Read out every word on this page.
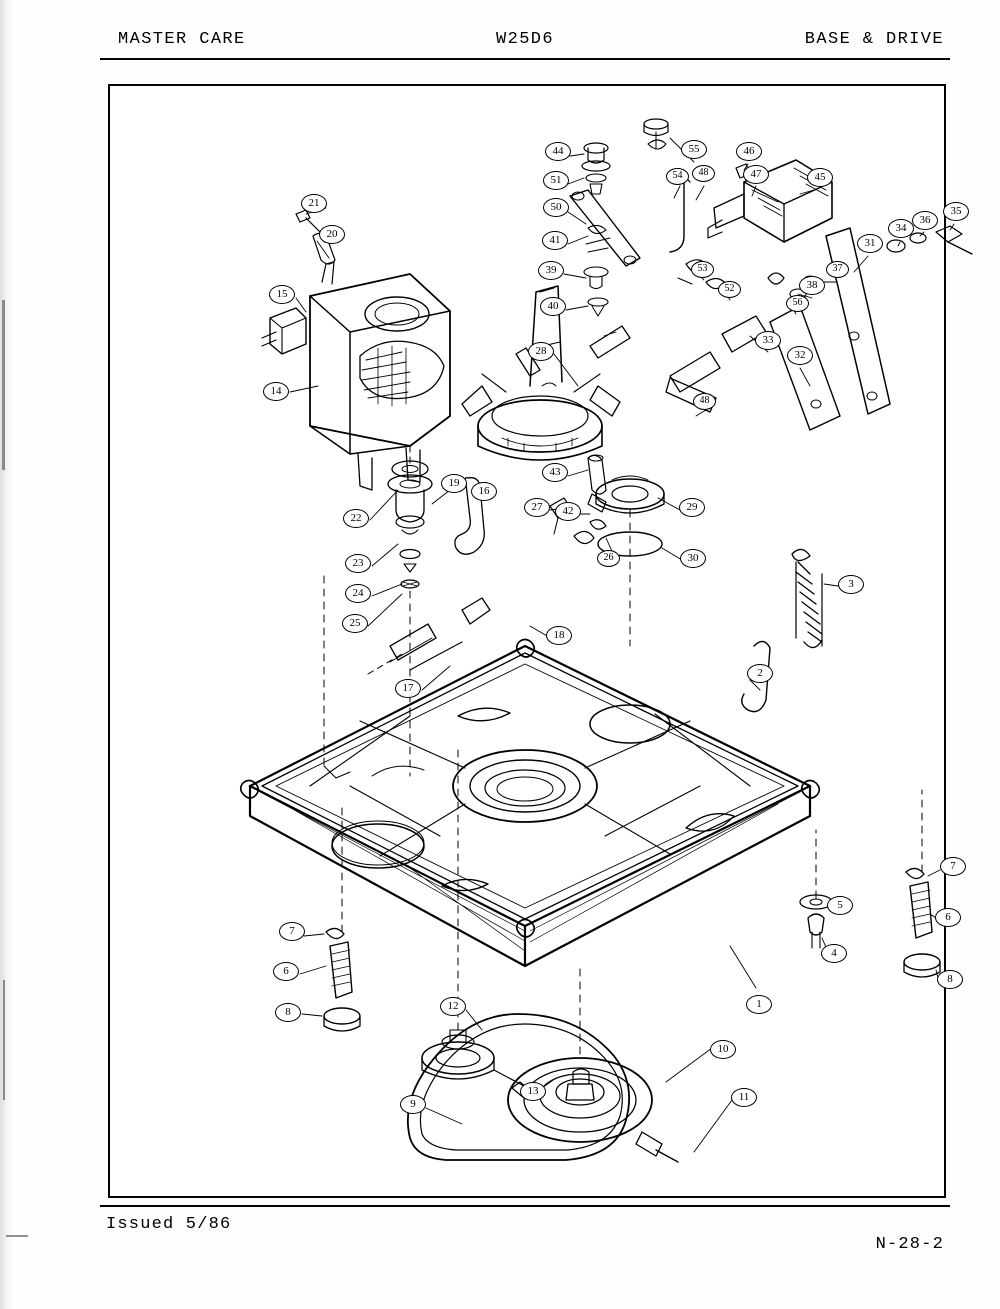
MASTER CARE	W25D6	BASE & DRIVE
1
2
3
4
5
6
7
8
6
7
8
9
10
11
12
13
14
15
16
17
18
19
20
21
22
23
24
25
26
27
28
29
30
31
32
33
34
35
36
37
38
39
40
41
42
43
44
45
46
47
48
48
50
51
52
53
54
55
56
Issued 5/86
N-28-2
